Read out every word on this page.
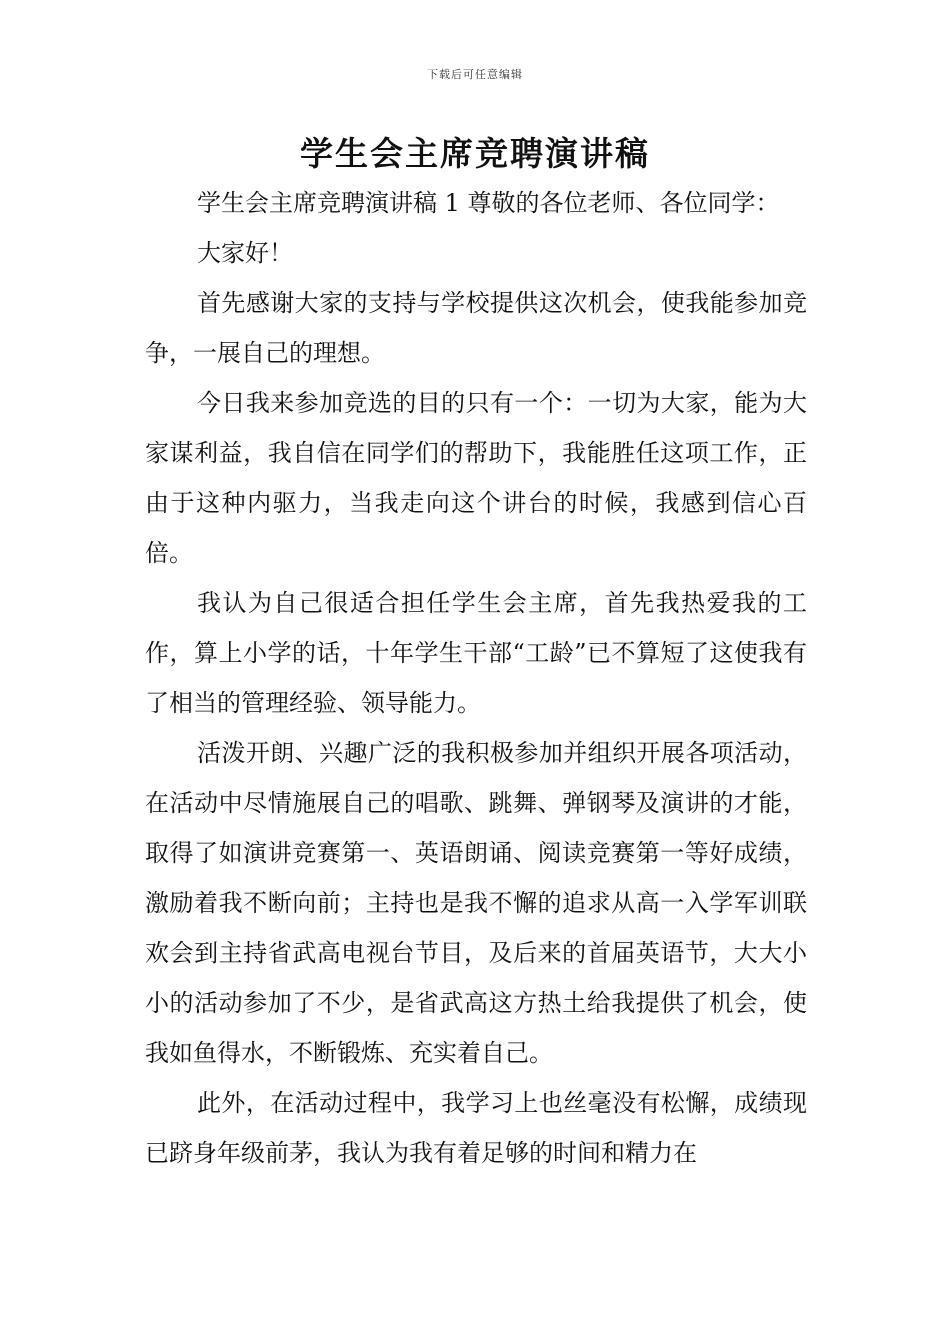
下载后可任意编辑
学生会主席竞聘演讲稿

学生会主席竞聘演讲稿 1 尊敬的各位老师、各位同学：

大家好！

首先感谢大家的支持与学校提供这次机会，使我能参加竞争，一展自己的理想。

今日我来参加竞选的目的只有一个：一切为大家，能为大家谋利益，我自信在同学们的帮助下，我能胜任这项工作，正由于这种内驱力，当我走向这个讲台的时候，我感到信心百倍。

我认为自己很适合担任学生会主席，首先我热爱我的工作，算上小学的话，十年学生干部“工龄”已不算短了这使我有了相当的管理经验、领导能力。

活泼开朗、兴趣广泛的我积极参加并组织开展各项活动，在活动中尽情施展自己的唱歌、跳舞、弹钢琴及演讲的才能，取得了如演讲竞赛第一、英语朗诵、阅读竞赛第一等好成绩，激励着我不断向前；主持也是我不懈的追求从高一入学军训联欢会到主持省武高电视台节目，及后来的首届英语节，大大小小的活动参加了不少，是省武高这方热土给我提供了机会，使我如鱼得水，不断锻炼、充实着自己。

此外，在活动过程中，我学习上也丝毫没有松懈，成绩现已跻身年级前茅，我认为我有着足够的时间和精力在
